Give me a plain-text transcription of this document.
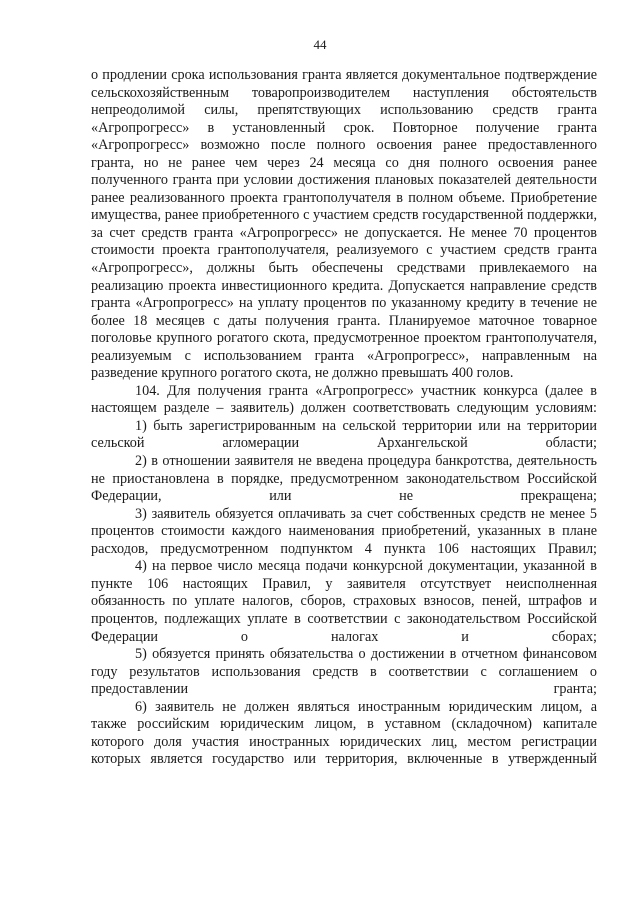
44

о продлении срока использования гранта является документальное подтверждение сельскохозяйственным товаропроизводителем наступления обстоятельств непреодолимой силы, препятствующих использованию средств гранта «Агропрогресс» в установленный срок. Повторное получение гранта «Агропрогресс» возможно после полного освоения ранее предоставленного гранта, но не ранее чем через 24 месяца со дня полного освоения ранее полученного гранта при условии достижения плановых показателей деятельности ранее реализованного проекта грантополучателя в полном объеме. Приобретение имущества, ранее приобретенного с участием средств государственной поддержки, за счет средств гранта «Агропрогресс» не допускается. Не менее 70 процентов стоимости проекта грантополучателя, реализуемого с участием средств гранта «Агропрогресс», должны быть обеспечены средствами привлекаемого на реализацию проекта инвестиционного кредита. Допускается направление средств гранта «Агропрогресс» на уплату процентов по указанному кредиту в течение не более 18 месяцев с даты получения гранта. Планируемое маточное товарное поголовье крупного рогатого скота, предусмотренное проектом грантополучателя, реализуемым с использованием гранта «Агропрогресс», направленным на разведение крупного рогатого скота, не должно превышать 400 голов.

104. Для получения гранта «Агропрогресс» участник конкурса (далее в настоящем разделе – заявитель) должен соответствовать следующим условиям:

1) быть зарегистрированным на сельской территории или на территории сельской агломерации Архангельской области;

2) в отношении заявителя не введена процедура банкротства, деятельность не приостановлена в порядке, предусмотренном законодательством Российской Федерации, или не прекращена;

3) заявитель обязуется оплачивать за счет собственных средств не менее 5 процентов стоимости каждого наименования приобретений, указанных в плане расходов, предусмотренном подпунктом 4 пункта 106 настоящих Правил;

4) на первое число месяца подачи конкурсной документации, указанной в пункте 106 настоящих Правил, у заявителя отсутствует неисполненная обязанность по уплате налогов, сборов, страховых взносов, пеней, штрафов и процентов, подлежащих уплате в соответствии с законодательством Российской Федерации о налогах и сборах;

5) обязуется принять обязательства о достижении в отчетном финансовом году результатов использования средств в соответствии с соглашением о предоставлении гранта;

6) заявитель не должен являться иностранным юридическим лицом, а также российским юридическим лицом, в уставном (складочном) капитале которого доля участия иностранных юридических лиц, местом регистрации которых является государство или территория, включенные в утвержденный
